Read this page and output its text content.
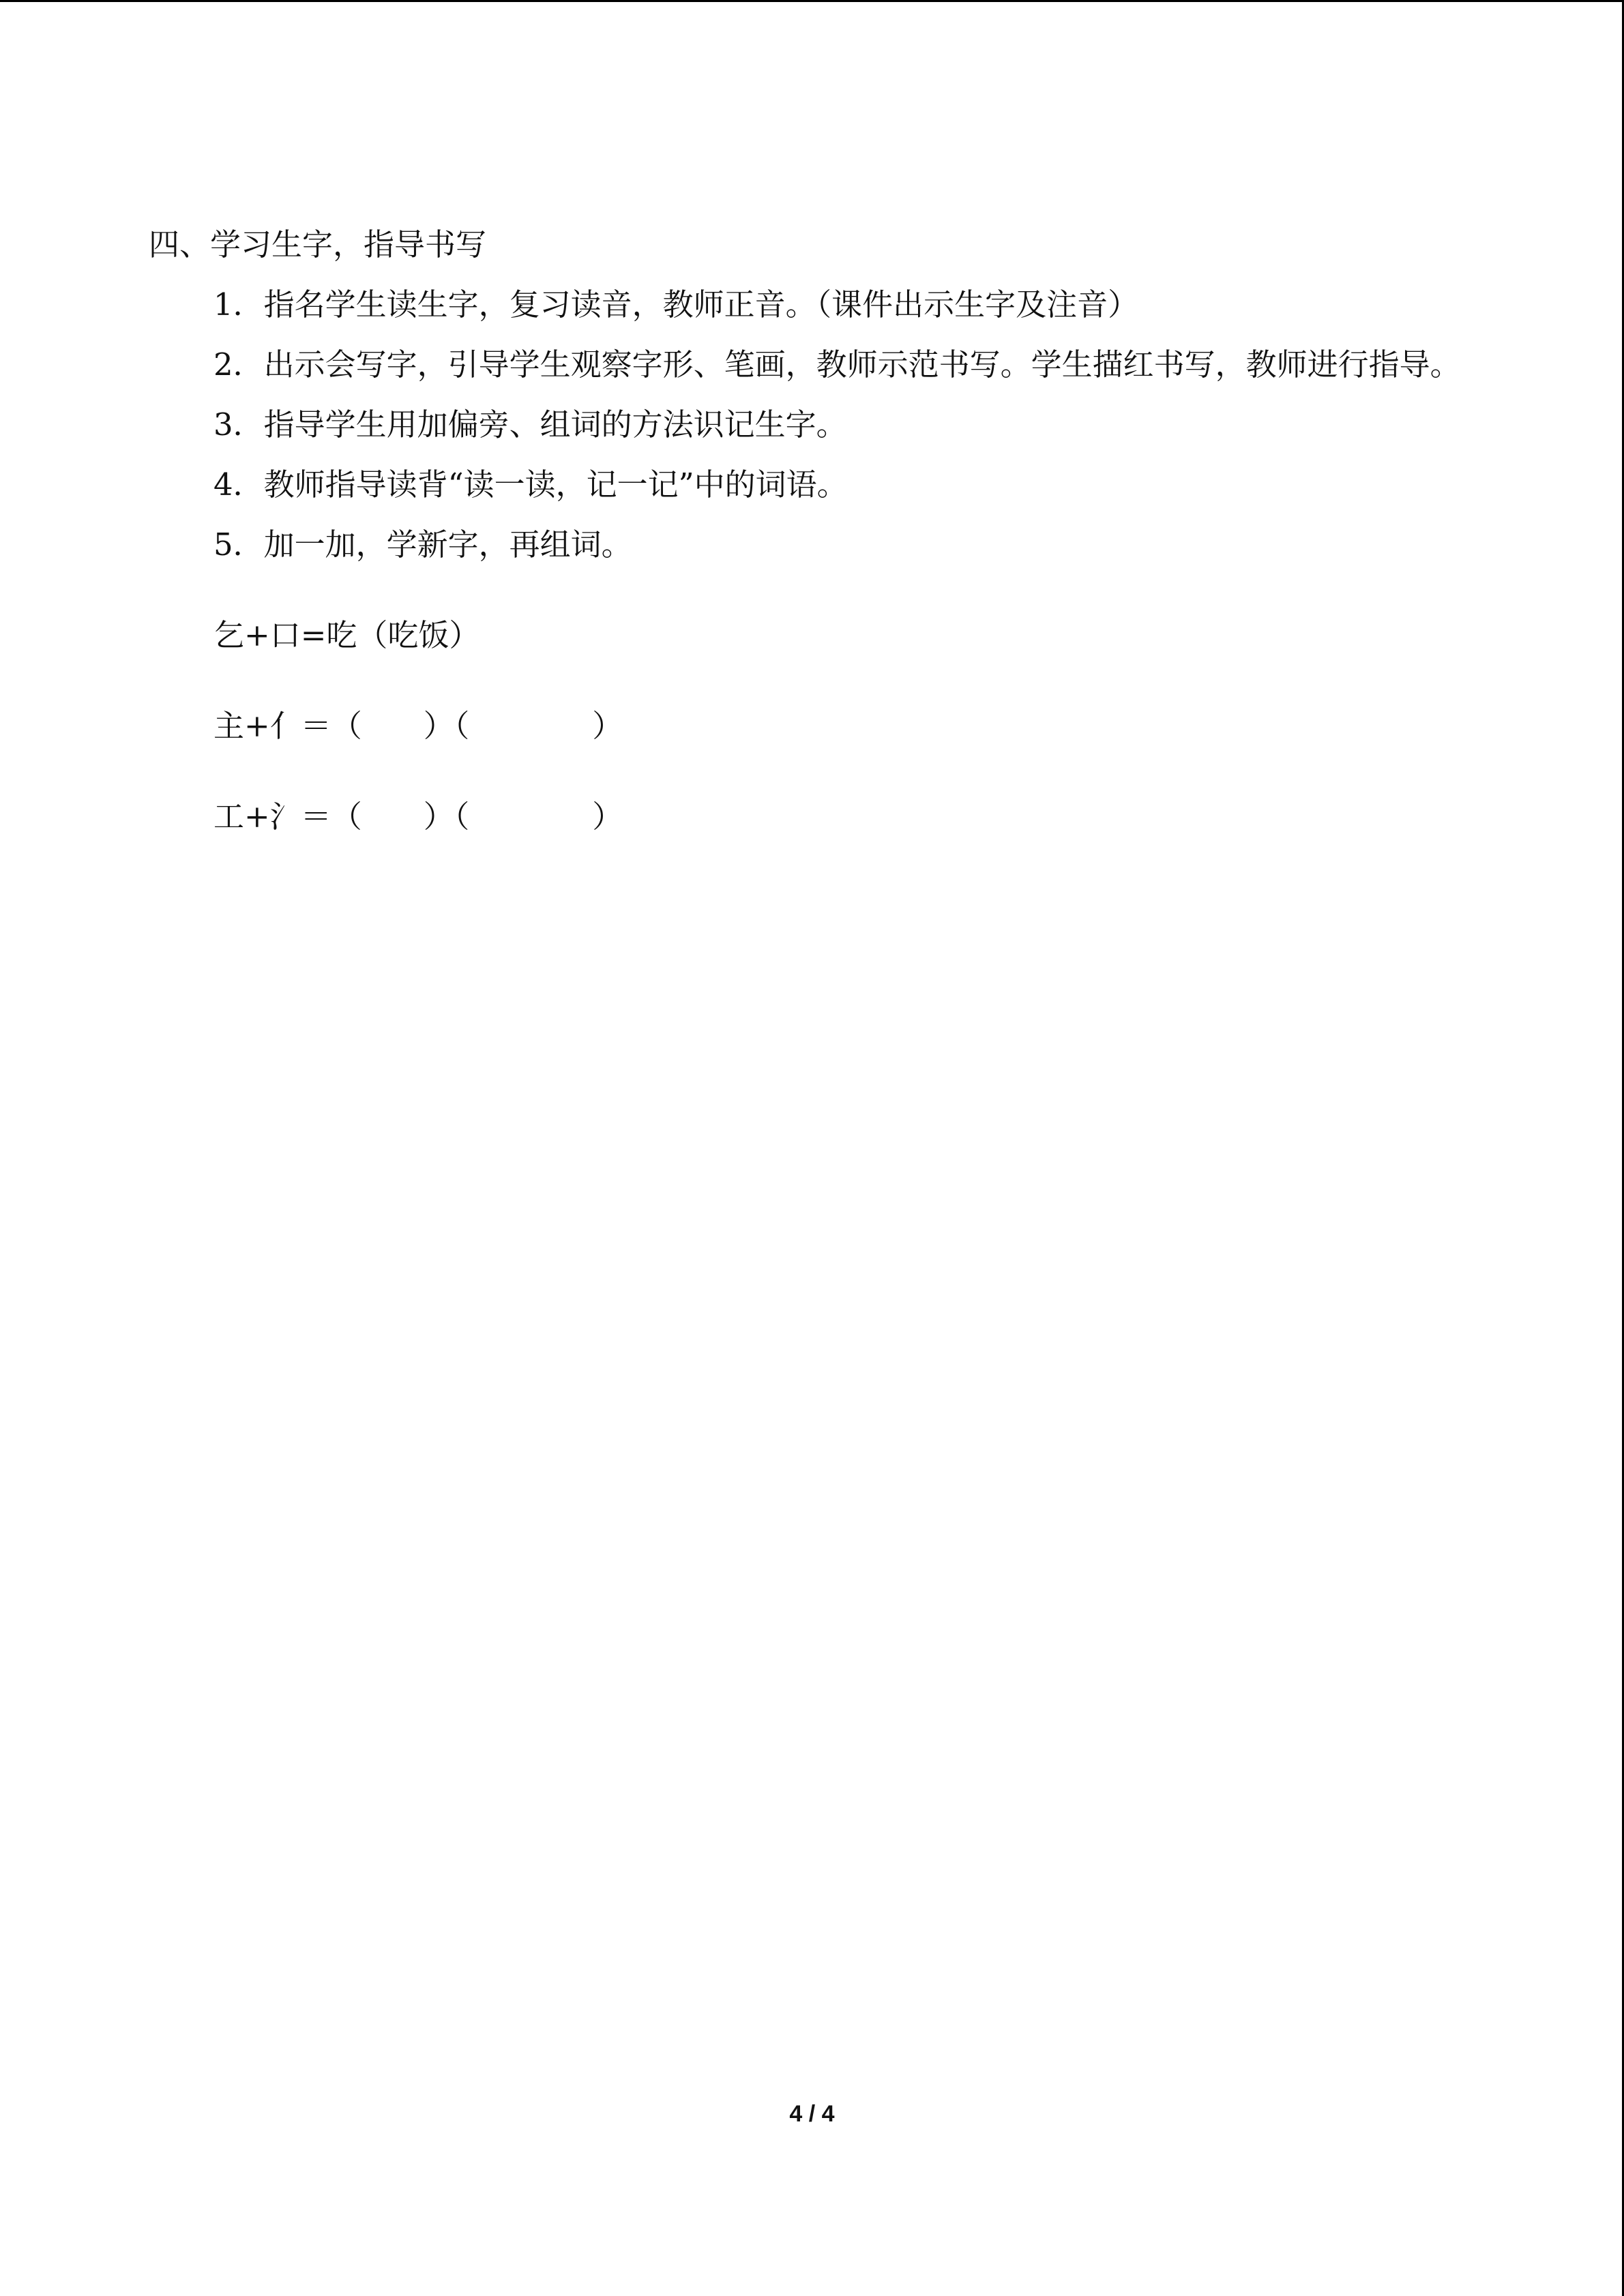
四、学习生字，指导书写

1．指名学生读生字，复习读音，教师正音。（课件出示生字及注音）

2．出示会写字，引导学生观察字形、笔画，教师示范书写。学生描红书写，教师进行指导。

3．指导学生用加偏旁、组词的方法识记生字。

4．教师指导读背“读一读，记一记”中的词语。

5．加一加，学新字，再组词。

乞+口=吃（吃饭）

主+亻＝（　　）（　　　　）

工+氵＝（　　）（　　　　）

4 / 4
